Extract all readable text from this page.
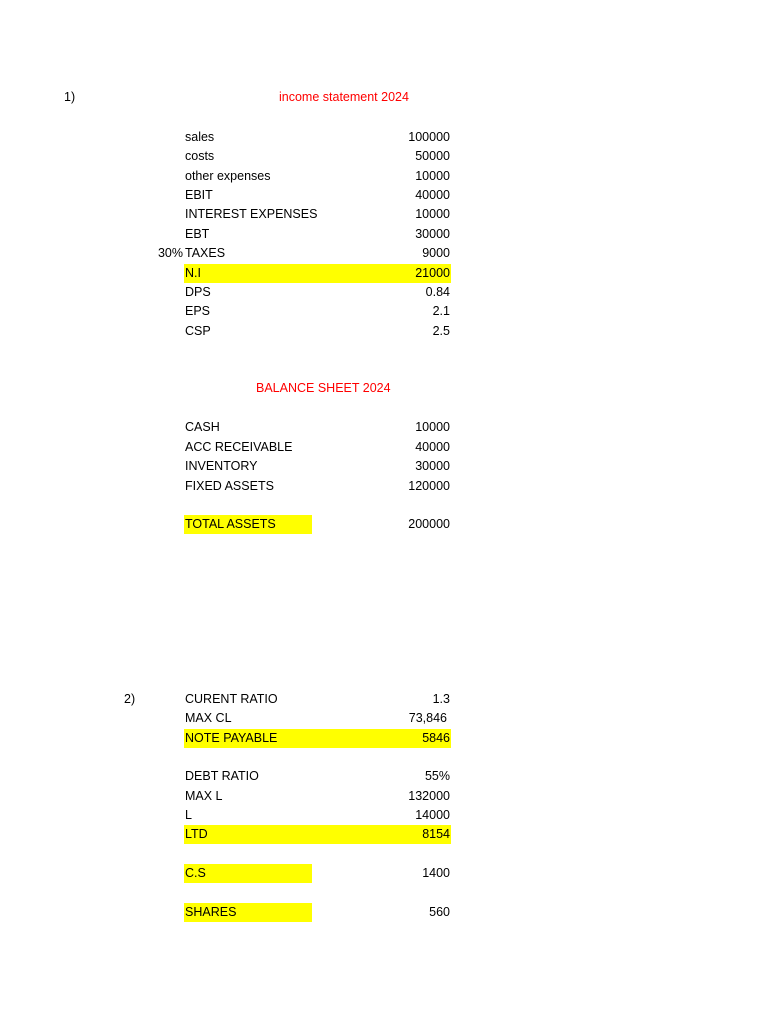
1)	income statement 2024
sales	100000
costs	50000
other expenses	10000
EBIT	40000
INTEREST EXPENSES	10000
EBT	30000
30% TAXES	9000
N.I	21000
DPS	0.84
EPS	2.1
CSP	2.5
BALANCE SHEET 2024
CASH	10000
ACC RECEIVABLE	40000
INVENTORY	30000
FIXED ASSETS	120000
TOTAL ASSETS	200000
2)	CURENT RATIO	1.3
MAX CL	73,846
NOTE PAYABLE	5846
DEBT RATIO	55%
MAX L	132000
L	14000
LTD	8154
C.S	1400
SHARES	560
